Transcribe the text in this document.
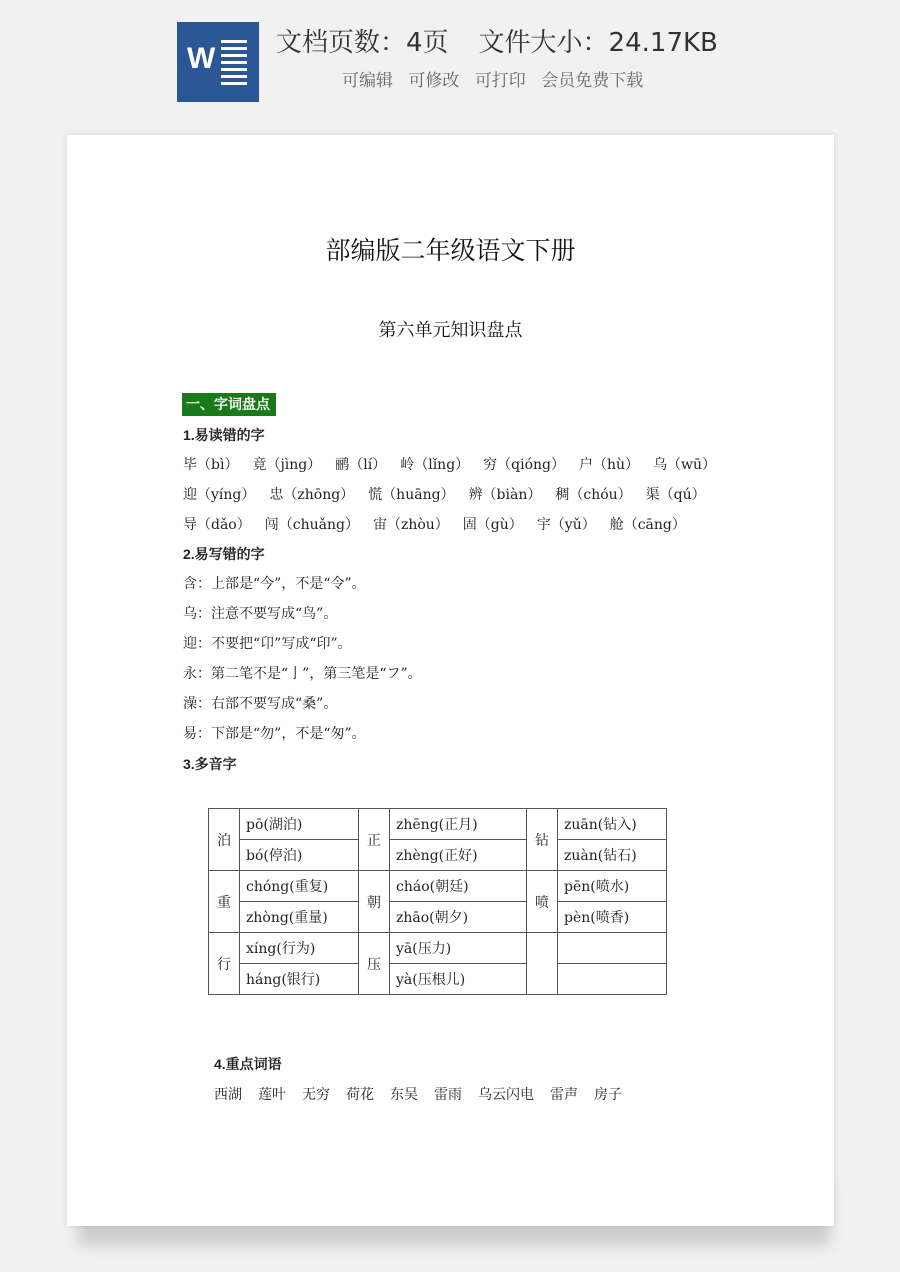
W 文档页数：4页 文件大小：24.17KB
可编辑 可修改 可打印 会员免费下载
部编版二年级语文下册
第六单元知识盘点
一、字词盘点
1.易读错的字
毕（bì） 竟（jìng） 鹂（lí） 岭（lǐng） 穷（qióng） 户（hù） 乌（wū）
迎（yíng） 忠（zhōng） 慌（huāng） 辨（biàn） 稠（chóu） 渠（qú）
导（dǎo） 闯（chuǎng） 宙（zhòu） 固（gù） 宇（yǔ） 舱（cāng）
2.易写错的字
含：上部是“今”，不是“令”。
乌：注意不要写成“鸟”。
迎：不要把“卬”写成“印”。
永：第二笔不是“亅”，第三笔是“フ”。
澡：右部不要写成“桑”。
易：下部是“勿”，不是“匆”。
3.多音字
泊	pō(湖泊)	正	zhēng(正月)	钻	zuān(钻入)
	bó(停泊)		zhèng(正好)		zuàn(钻石)
重	chóng(重复)	朝	cháo(朝廷)	喷	pēn(喷水)
	zhòng(重量)		zhāo(朝夕)		pèn(喷香)
行	xíng(行为)	压	yā(压力)		
	háng(银行)		yà(压根儿)		
4.重点词语
西湖 莲叶 无穷 荷花 东吴 雷雨 乌云闪电 雷声 房子
